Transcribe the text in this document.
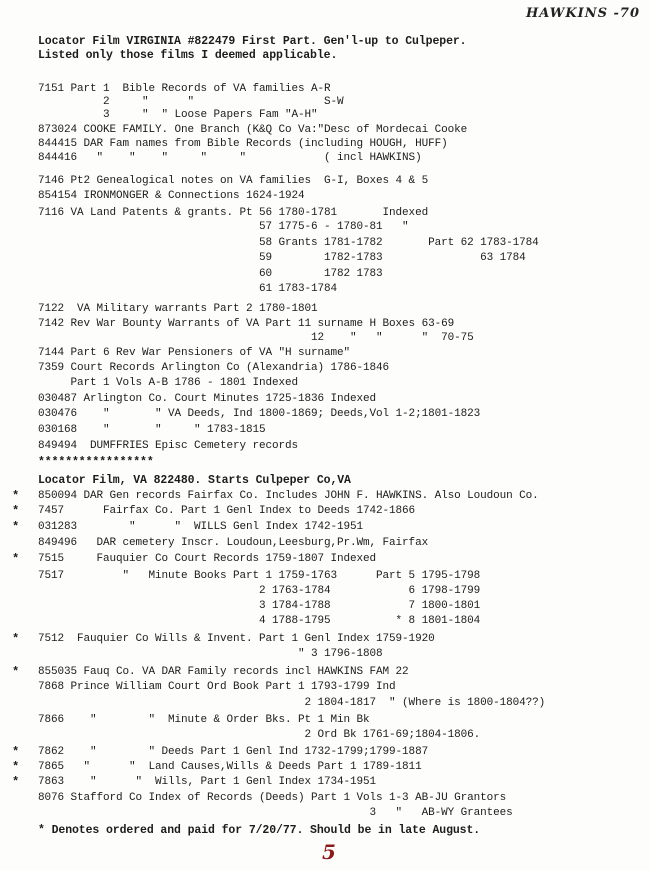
HAWKINS -70
Locator Film VIRGINIA #822479 First Part. Gen'l-up to Culpeper.
Listed only those films I deemed applicable.
7151 Part 1  Bible Records of VA families A-R
2     "      "                    S-W
3     "  " Loose Papers Fam "A-H"
873024 COOKE FAMILY. One Branch (K&Q Co Va:"Desc of Mordecai Cooke
844415 DAR Fam names from Bible Records (including HOUGH, HUFF)
844416   "    "    "     "     "            ( incl HAWKINS)
7146 Pt2 Genealogical notes on VA families  G-I, Boxes 4 & 5
854154 IRONMONGER & Connections 1624-1924
7116 VA Land Patents & grants. Pt 56 1780-1781       Indexed
57 1775-6 - 1780-81   "
58 Grants 1781-1782       Part 62 1783-1784
59        1782-1783               63 1784
60        1782 1783
61 1783-1784
7122  VA Military warrants Part 2 1780-1801
7142 Rev War Bounty Warrants of VA Part 11 surname H Boxes 63-69
12    "   "      "  70-75
7144 Part 6 Rev War Pensioners of VA "H surname"
7359 Court Records Arlington Co (Alexandria) 1786-1846
Part 1 Vols A-B 1786 - 1801 Indexed
030487 Arlington Co. Court Minutes 1725-1836 Indexed
030476    "       " VA Deeds, Ind 1800-1869; Deeds,Vol 1-2;1801-1823
030168    "       "     " 1783-1815
849494  DUMFFRIES Episc Cemetery records
*****************
Locator Film, VA 822480. Starts Culpeper Co,VA
* 850094 DAR Gen records Fairfax Co. Includes JOHN F. HAWKINS. Also Loudoun Co.
* 7457      Fairfax Co. Part 1 Genl Index to Deeds 1742-1866
* 031283        "      "  WILLS Genl Index 1742-1951
849496   DAR cemetery Inscr. Loudoun,Leesburg,Pr.Wm, Fairfax
* 7515     Fauquier Co Court Records 1759-1807 Indexed
7517         "   Minute Books Part 1 1759-1763      Part 5 1795-1798
2 1763-1784            6 1798-1799
3 1784-1788            7 1800-1801
4 1788-1795          * 8 1801-1804
* 7512  Fauquier Co Wills & Invent. Part 1 Genl Index 1759-1920
" 3 1796-1808
* 855035 Fauq Co. VA DAR Family records incl HAWKINS FAM 22
7868 Prince William Court Ord Book Part 1 1793-1799 Ind
2 1804-1817  " (Where is 1800-1804??)
7866    "        "  Minute & Order Bks. Pt 1 Min Bk
2 Ord Bk 1761-69;1804-1806.
* 7862    "        " Deeds Part 1 Genl Ind 1732-1799;1799-1887
* 7865   "      "  Land Causes,Wills & Deeds Part 1 1789-1811
* 7863    "      "  Wills, Part 1 Genl Index 1734-1951
8076 Stafford Co Index of Records (Deeds) Part 1 Vols 1-3 AB-JU Grantors
3   "   AB-WY Grantees
* Denotes ordered and paid for 7/20/77. Should be in late August.
5
